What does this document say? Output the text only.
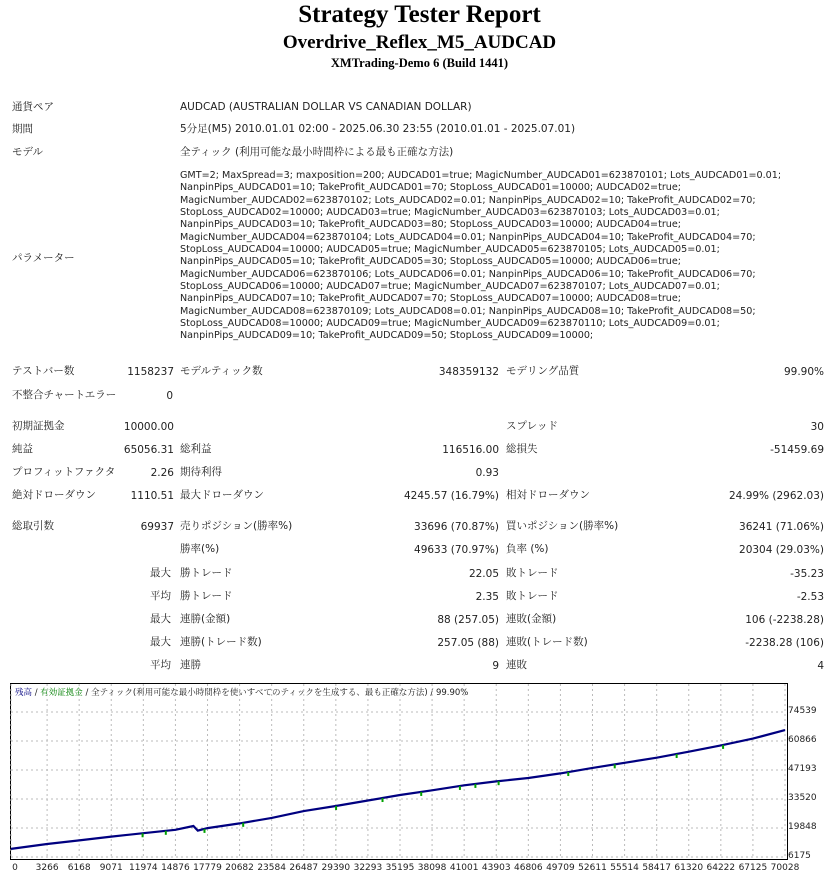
Strategy Tester Report
Overdrive_Reflex_M5_AUDCAD
XMTrading-Demo 6 (Build 1441)
通貨ペア	AUDCAD (AUSTRALIAN DOLLAR VS CANADIAN DOLLAR)
期間	5分足(M5) 2010.01.01 02:00 - 2025.06.30 23:55 (2010.01.01 - 2025.07.01)
モデル	全ティック (利用可能な最小時間枠による最も正確な方法)
パラメーター
GMT=2; MaxSpread=3; maxposition=200; AUDCAD01=true; MagicNumber_AUDCAD01=623870101; Lots_AUDCAD01=0.01;
NanpinPips_AUDCAD01=10; TakeProfit_AUDCAD01=70; StopLoss_AUDCAD01=10000; AUDCAD02=true;
MagicNumber_AUDCAD02=623870102; Lots_AUDCAD02=0.01; NanpinPips_AUDCAD02=10; TakeProfit_AUDCAD02=70;
StopLoss_AUDCAD02=10000; AUDCAD03=true; MagicNumber_AUDCAD03=623870103; Lots_AUDCAD03=0.01;
NanpinPips_AUDCAD03=10; TakeProfit_AUDCAD03=80; StopLoss_AUDCAD03=10000; AUDCAD04=true;
MagicNumber_AUDCAD04=623870104; Lots_AUDCAD04=0.01; NanpinPips_AUDCAD04=10; TakeProfit_AUDCAD04=70;
StopLoss_AUDCAD04=10000; AUDCAD05=true; MagicNumber_AUDCAD05=623870105; Lots_AUDCAD05=0.01;
NanpinPips_AUDCAD05=10; TakeProfit_AUDCAD05=30; StopLoss_AUDCAD05=10000; AUDCAD06=true;
MagicNumber_AUDCAD06=623870106; Lots_AUDCAD06=0.01; NanpinPips_AUDCAD06=10; TakeProfit_AUDCAD06=70;
StopLoss_AUDCAD06=10000; AUDCAD07=true; MagicNumber_AUDCAD07=623870107; Lots_AUDCAD07=0.01;
NanpinPips_AUDCAD07=10; TakeProfit_AUDCAD07=70; StopLoss_AUDCAD07=10000; AUDCAD08=true;
MagicNumber_AUDCAD08=623870109; Lots_AUDCAD08=0.01; NanpinPips_AUDCAD08=10; TakeProfit_AUDCAD08=50;
StopLoss_AUDCAD08=10000; AUDCAD09=true; MagicNumber_AUDCAD09=623870110; Lots_AUDCAD09=0.01;
NanpinPips_AUDCAD09=10; TakeProfit_AUDCAD09=50; StopLoss_AUDCAD09=10000;
テストバー数	1158237 モデルティック数	348359132 モデリング品質	99.90%
不整合チャートエラー	0
初期証拠金	10000.00	スプレッド	30
純益	65056.31 総利益	116516.00 総損失	-51459.69
プロフィットファクタ	2.26 期待利得	0.93
絶対ドローダウン	1110.51 最大ドローダウン	4245.57 (16.79%) 相対ドローダウン	24.99% (2962.03)
総取引数	69937 売りポジション(勝率%)	33696 (70.87%) 買いポジション(勝率%)	36241 (71.06%)
勝率(%)	49633 (70.97%) 負率 (%)	20304 (29.03%)
最大 勝トレード	22.05 敗トレード	-35.23
平均 勝トレード	2.35 敗トレード	-2.53
最大 連勝(金額)	88 (257.05) 連敗(金額)	106 (-2238.28)
最大 連勝(トレード数)	257.05 (88) 連敗(トレード数)	-2238.28 (106)
平均 連勝	9 連敗	4
残高 / 有効証拠金 / 全ティック(利用可能な最小時間枠を使いすべてのティックを生成する、最も正確な方法) / 99.90%
74539
60866
47193
33520
19848
6175
0 3266 6168 9071 11974 14876 17779 20682 23584 26487 29390 32293 35195 38098 41001 43903 46806 49709 52611 55514 58417 61320 64222 67125 70028
